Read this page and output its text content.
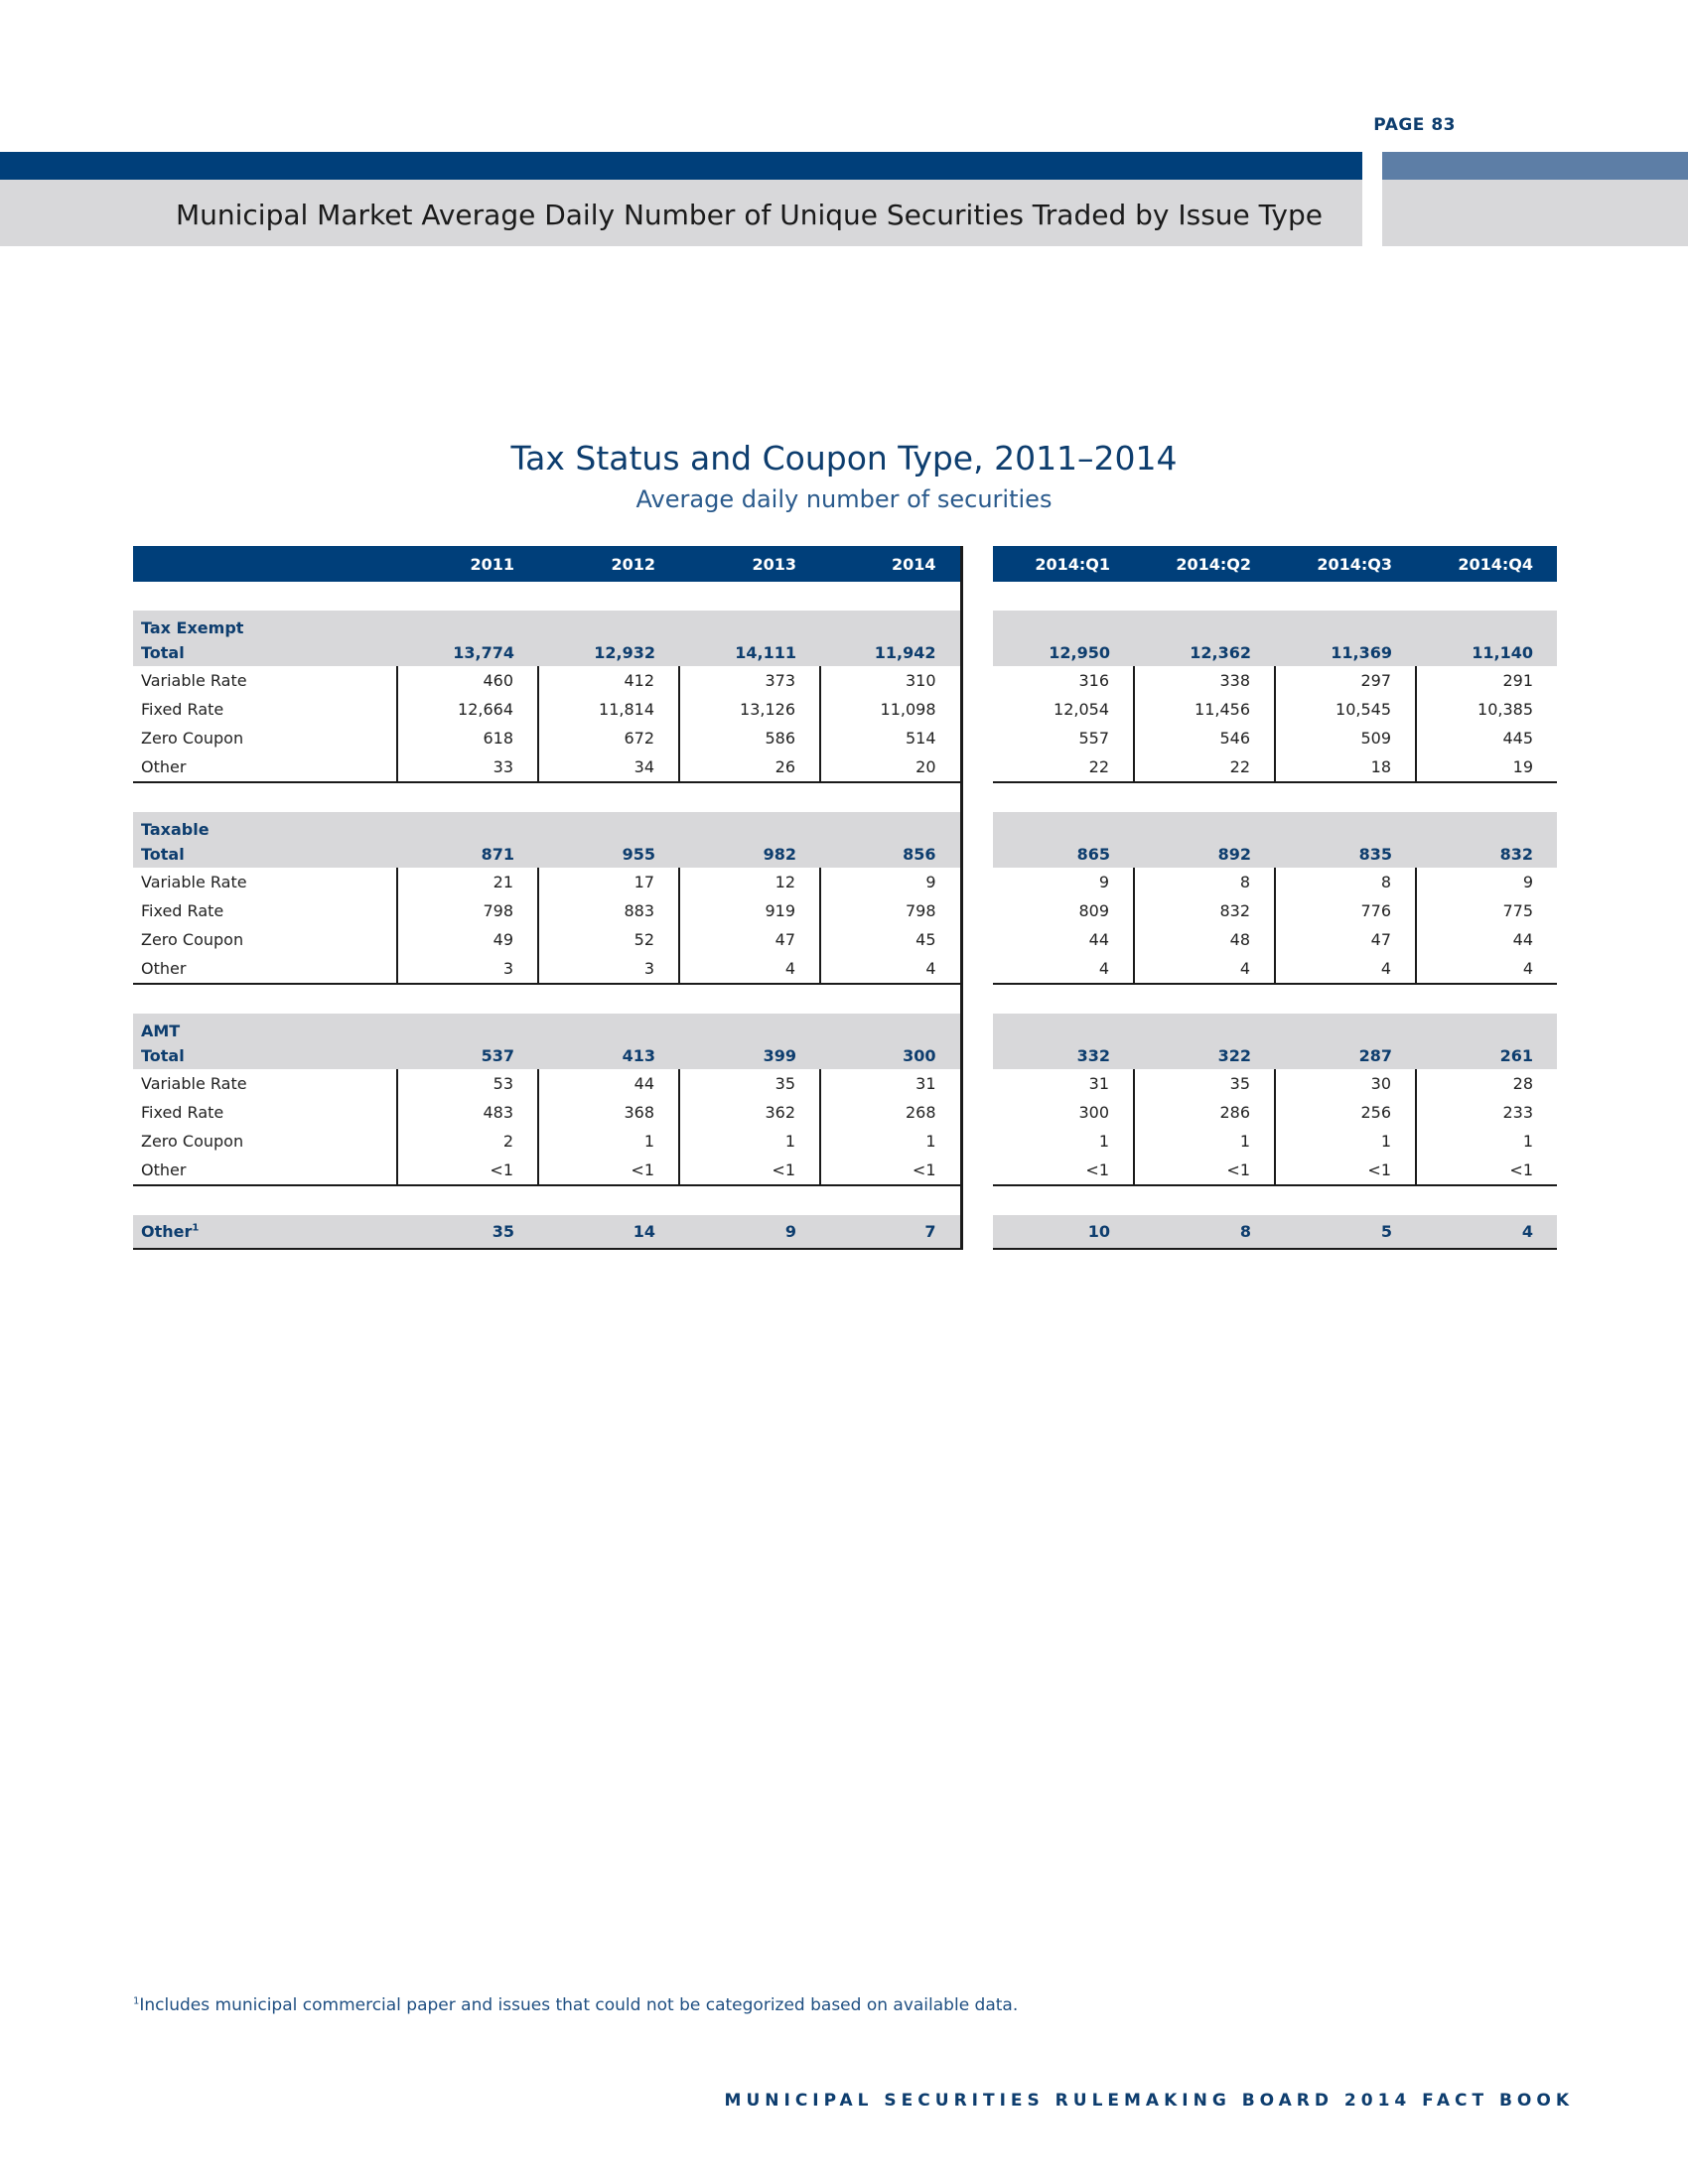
PAGE 83
Municipal Market Average Daily Number of Unique Securities Traded by Issue Type
Tax Status and Coupon Type, 2011–2014
Average daily number of securities
	2011	2012	2013	2014		2014:Q1	2014:Q2	2014:Q3	2014:Q4

Tax Exempt									
Total	13,774	12,932	14,111	11,942		12,950	12,362	11,369	11,140
Variable Rate	460	412	373	310		316	338	297	291
Fixed Rate	12,664	11,814	13,126	11,098		12,054	11,456	10,545	10,385
Zero Coupon	618	672	586	514		557	546	509	445
Other	33	34	26	20		22	22	18	19

Taxable									
Total	871	955	982	856		865	892	835	832
Variable Rate	21	17	12	9		9	8	8	9
Fixed Rate	798	883	919	798		809	832	776	775
Zero Coupon	49	52	47	45		44	48	47	44
Other	3	3	4	4		4	4	4	4

AMT									
Total	537	413	399	300		332	322	287	261
Variable Rate	53	44	35	31		31	35	30	28
Fixed Rate	483	368	362	268		300	286	256	233
Zero Coupon	2	1	1	1		1	1	1	1
Other	<1	<1	<1	<1		<1	<1	<1	<1

Other$^1$	35	14	9	7		10	8	5	4
$^1$Includes municipal commercial paper and issues that could not be categorized based on available data.
MUNICIPAL SECURITIES RULEMAKING BOARD 2014 FACT BOOK
